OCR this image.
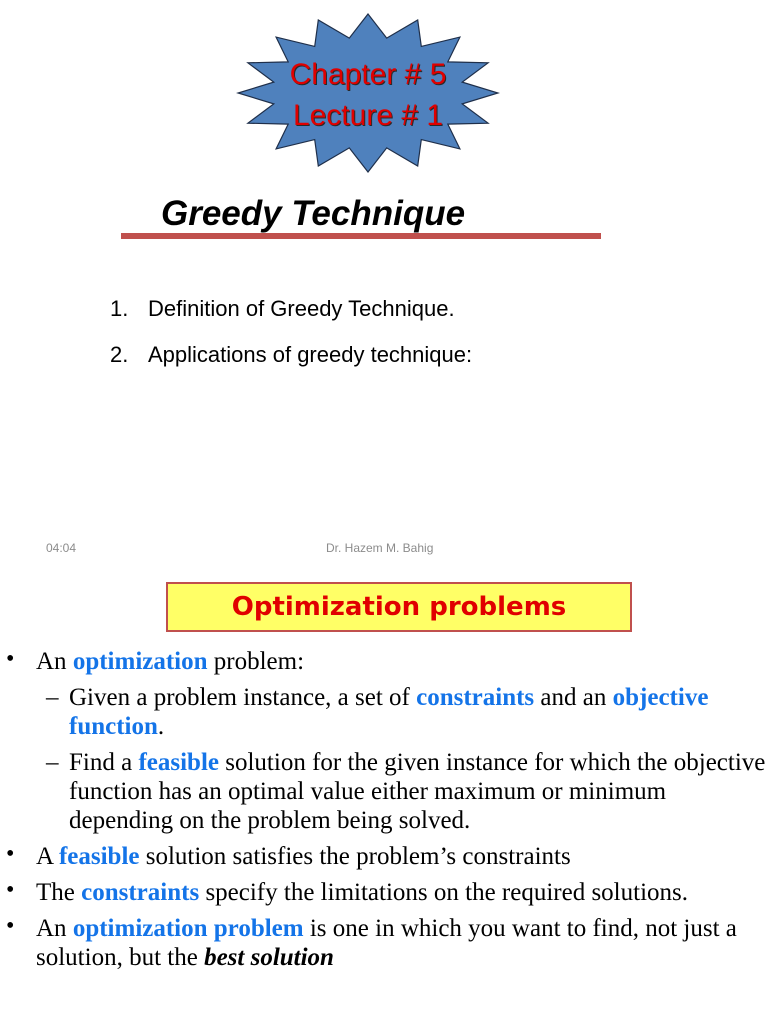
Chapter # 5
Lecture # 1
Greedy Technique
1. Definition of Greedy Technique.
2. Applications of greedy technique:
04:04	Dr. Hazem M. Bahig
Optimization problems
• An optimization problem:
– Given a problem instance, a set of constraints and an objective function.
– Find a feasible solution for the given instance for which the objective function has an optimal value either maximum or minimum depending on the problem being solved.
• A feasible solution satisfies the problem’s constraints
• The constraints specify the limitations on the required solutions.
• An optimization problem is one in which you want to find, not just a solution, but the best solution
